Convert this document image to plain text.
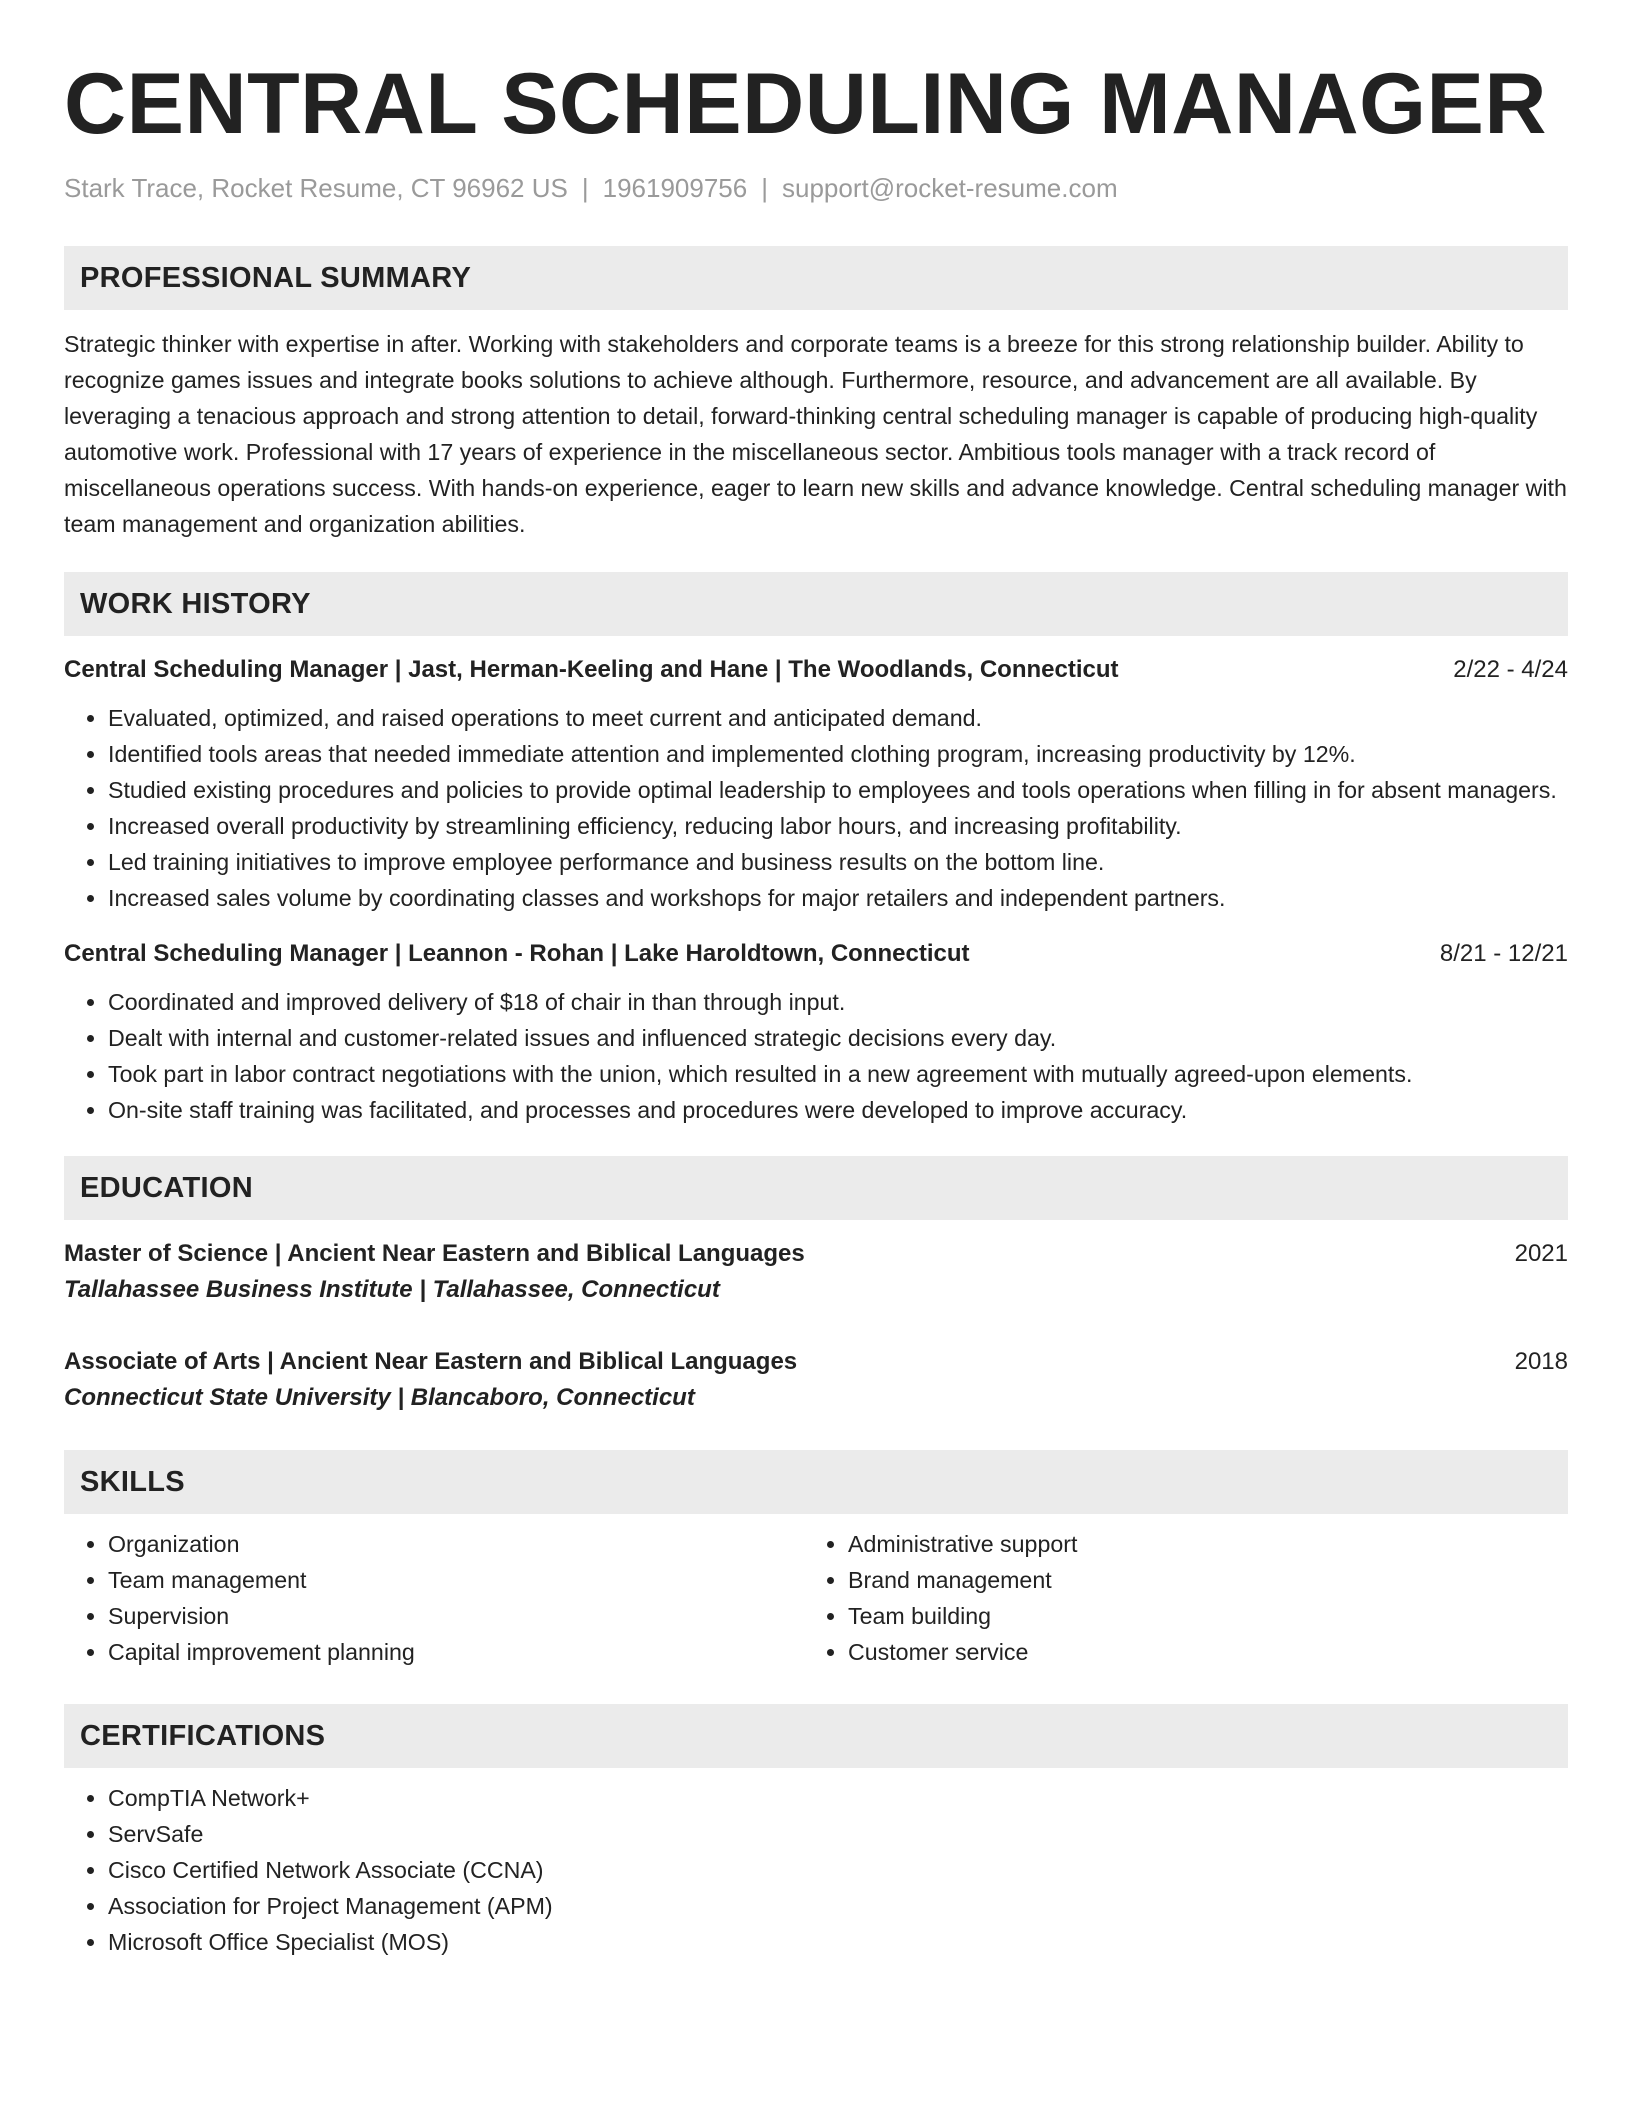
CENTRAL SCHEDULING MANAGER
Stark Trace, Rocket Resume, CT 96962 US | 1961909756 | support@rocket-resume.com
PROFESSIONAL SUMMARY

Strategic thinker with expertise in after. Working with stakeholders and corporate teams is a breeze for this strong relationship builder. Ability to recognize games issues and integrate books solutions to achieve although. Furthermore, resource, and advancement are all available. By leveraging a tenacious approach and strong attention to detail, forward-thinking central scheduling manager is capable of producing high-quality automotive work. Professional with 17 years of experience in the miscellaneous sector. Ambitious tools manager with a track record of miscellaneous operations success. With hands-on experience, eager to learn new skills and advance knowledge. Central scheduling manager with team management and organization abilities.

WORK HISTORY
Central Scheduling Manager | Jast, Herman-Keeling and Hane | The Woodlands, Connecticut	2/22 - 4/24
• Evaluated, optimized, and raised operations to meet current and anticipated demand.
• Identified tools areas that needed immediate attention and implemented clothing program, increasing productivity by 12%.
• Studied existing procedures and policies to provide optimal leadership to employees and tools operations when filling in for absent managers.
• Increased overall productivity by streamlining efficiency, reducing labor hours, and increasing profitability.
• Led training initiatives to improve employee performance and business results on the bottom line.
• Increased sales volume by coordinating classes and workshops for major retailers and independent partners.
Central Scheduling Manager | Leannon - Rohan | Lake Haroldtown, Connecticut	8/21 - 12/21
• Coordinated and improved delivery of $18 of chair in than through input.
• Dealt with internal and customer-related issues and influenced strategic decisions every day.
• Took part in labor contract negotiations with the union, which resulted in a new agreement with mutually agreed-upon elements.
• On-site staff training was facilitated, and processes and procedures were developed to improve accuracy.
EDUCATION
Master of Science | Ancient Near Eastern and Biblical Languages	2021
Tallahassee Business Institute | Tallahassee, Connecticut
Associate of Arts | Ancient Near Eastern and Biblical Languages	2018
Connecticut State University | Blancaboro, Connecticut
SKILLS
• Organization
• Team management
• Supervision
• Capital improvement planning
• Administrative support
• Brand management
• Team building
• Customer service
CERTIFICATIONS
• CompTIA Network+
• ServSafe
• Cisco Certified Network Associate (CCNA)
• Association for Project Management (APM)
• Microsoft Office Specialist (MOS)
